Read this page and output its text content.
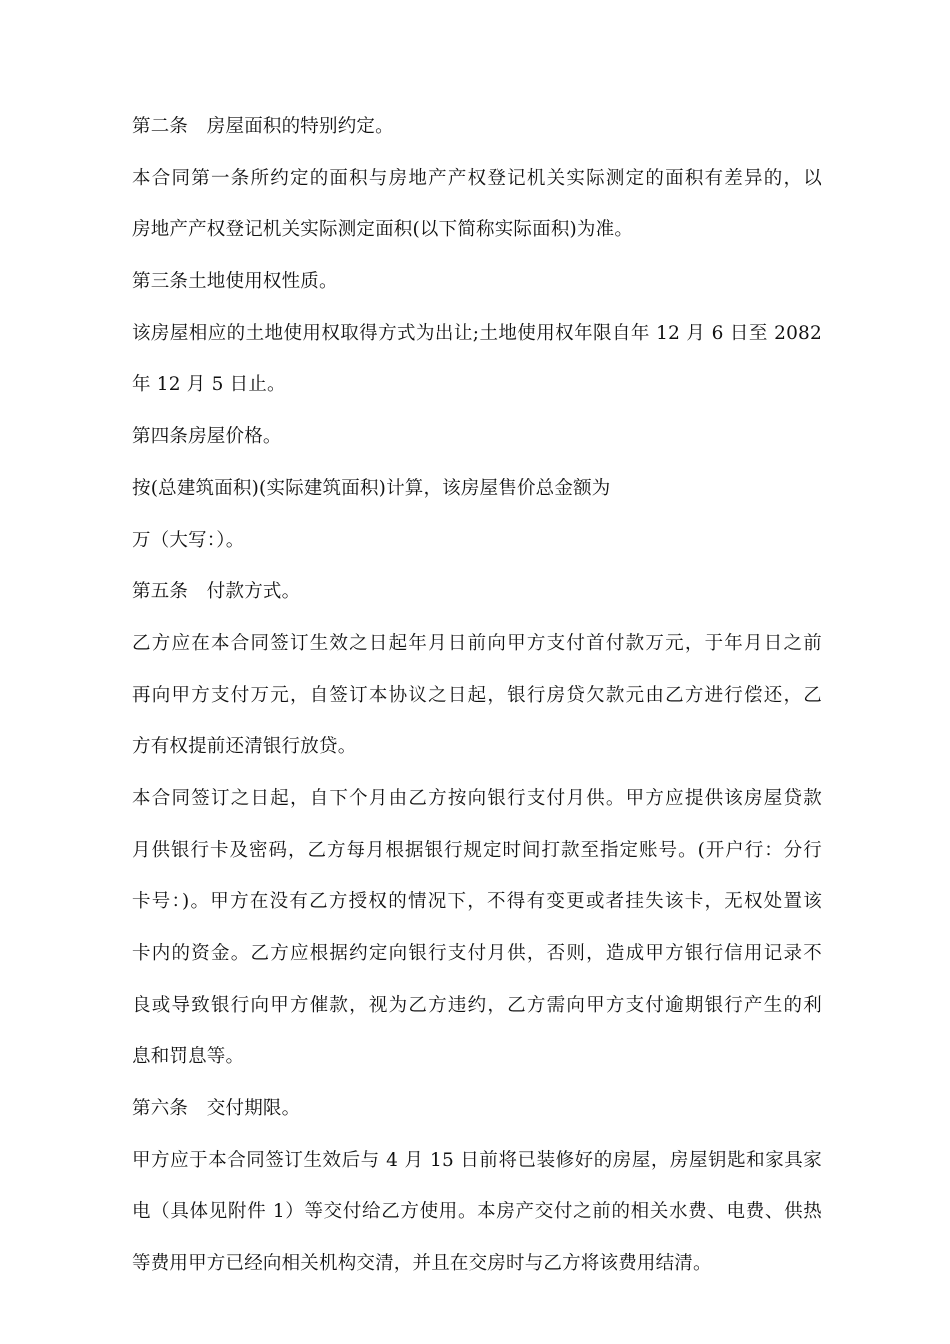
第二条　房屋面积的特别约定。
本合同第一条所约定的面积与房地产产权登记机关实际测定的面积有差异的，以
房地产产权登记机关实际测定面积(以下简称实际面积)为准。
第三条土地使用权性质。
该房屋相应的土地使用权取得方式为出让;土地使用权年限自年 12 月 6 日至 2082
年 12 月 5 日止。
第四条房屋价格。
按(总建筑面积)(实际建筑面积)计算，该房屋售价总金额为
万（大写：）。
第五条　付款方式。
乙方应在本合同签订生效之日起年月日前向甲方支付首付款万元，于年月日之前
再向甲方支付万元，自签订本协议之日起，银行房贷欠款元由乙方进行偿还，乙
方有权提前还清银行放贷。
本合同签订之日起，自下个月由乙方按向银行支付月供。甲方应提供该房屋贷款
月供银行卡及密码，乙方每月根据银行规定时间打款至指定账号。(开户行：分行
卡号：)。甲方在没有乙方授权的情况下，不得有变更或者挂失该卡，无权处置该
卡内的资金。乙方应根据约定向银行支付月供，否则，造成甲方银行信用记录不
良或导致银行向甲方催款，视为乙方违约，乙方需向甲方支付逾期银行产生的利
息和罚息等。
第六条　交付期限。
甲方应于本合同签订生效后与 4 月 15 日前将已装修好的房屋，房屋钥匙和家具家
电（具体见附件 1）等交付给乙方使用。本房产交付之前的相关水费、电费、供热
等费用甲方已经向相关机构交清，并且在交房时与乙方将该费用结清。
